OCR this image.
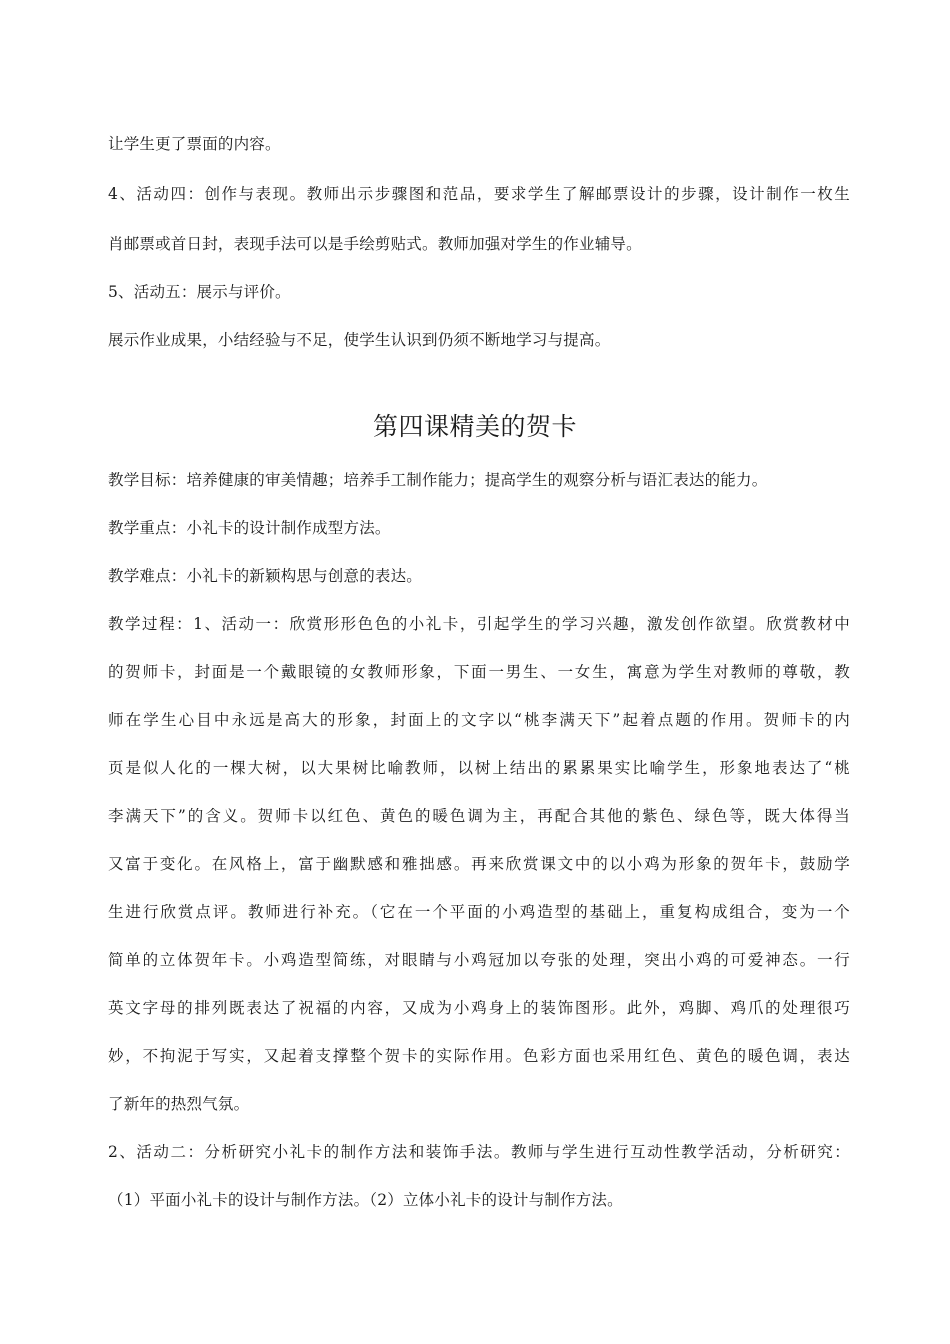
让学生更了票面的内容。
4、活动四：创作与表现。教师出示步骤图和范品，要求学生了解邮票设计的步骤，设计制作一枚生
肖邮票或首日封，表现手法可以是手绘剪贴式。教师加强对学生的作业辅导。
5、活动五：展示与评价。
展示作业成果，小结经验与不足，使学生认识到仍须不断地学习与提高。
第四课精美的贺卡
教学目标：培养健康的审美情趣；培养手工制作能力；提高学生的观察分析与语汇表达的能力。
教学重点：小礼卡的设计制作成型方法。
教学难点：小礼卡的新颖构思与创意的表达。
教学过程：1、活动一：欣赏形形色色的小礼卡，引起学生的学习兴趣，激发创作欲望。欣赏教材中
的贺师卡，封面是一个戴眼镜的女教师形象，下面一男生、一女生，寓意为学生对教师的尊敬，教
师在学生心目中永远是高大的形象，封面上的文字以“桃李满天下”起着点题的作用。贺师卡的内
页是似人化的一棵大树，以大果树比喻教师，以树上结出的累累果实比喻学生，形象地表达了“桃
李满天下”的含义。贺师卡以红色、黄色的暖色调为主，再配合其他的紫色、绿色等，既大体得当
又富于变化。在风格上，富于幽默感和雅拙感。再来欣赏课文中的以小鸡为形象的贺年卡，鼓励学
生进行欣赏点评。教师进行补充。（它在一个平面的小鸡造型的基础上，重复构成组合，变为一个
简单的立体贺年卡。小鸡造型简练，对眼睛与小鸡冠加以夸张的处理，突出小鸡的可爱神态。一行
英文字母的排列既表达了祝福的内容，又成为小鸡身上的装饰图形。此外，鸡脚、鸡爪的处理很巧
妙，不拘泥于写实，又起着支撑整个贺卡的实际作用。色彩方面也采用红色、黄色的暖色调，表达
了新年的热烈气氛。
2、活动二：分析研究小礼卡的制作方法和装饰手法。教师与学生进行互动性教学活动，分析研究：
（1）平面小礼卡的设计与制作方法。（2）立体小礼卡的设计与制作方法。
